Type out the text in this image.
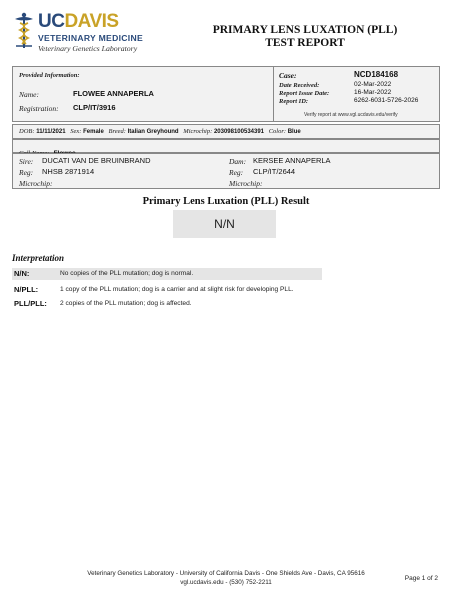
UCDAVIS
VETERINARY MEDICINE
Veterinary Genetics Laboratory
PRIMARY LENS LUXATION (PLL)
TEST REPORT
Provided Information:
Name:	FLOWEE ANNAPERLA
Registration: CLP/IT/3916
Case:	NCD184168
Date Received:	02-Mar-2022
Report Issue Date:	16-Mar-2022
Report ID:	6262-6031-5726-2026
Verify report at www.vgl.ucdavis.edu/verify
DOB: 11/11/2021 Sex: Female Breed: Italian Greyhound Microchip: 203098100534391 Color: Blue
Sire: DUCATI VAN DE BRUINBRAND
Reg: NHSB 2871914
Microchip:
Dam: KERSEE ANNAPERLA
Reg: CLP/IT/2644
Microchip:
Primary Lens Luxation (PLL) Result
N/N
Interpretation
N/N:	No copies of the PLL mutation; dog is normal.
N/PLL:	1 copy of the PLL mutation; dog is a carrier and at slight risk for developing PLL.
PLL/PLL: 2 copies of the PLL mutation; dog is affected.
Veterinary Genetics Laboratory - University of California Davis - One Shields Ave - Davis, CA 95616
vgl.ucdavis.edu - (530) 752-2211
Page 1 of 2
